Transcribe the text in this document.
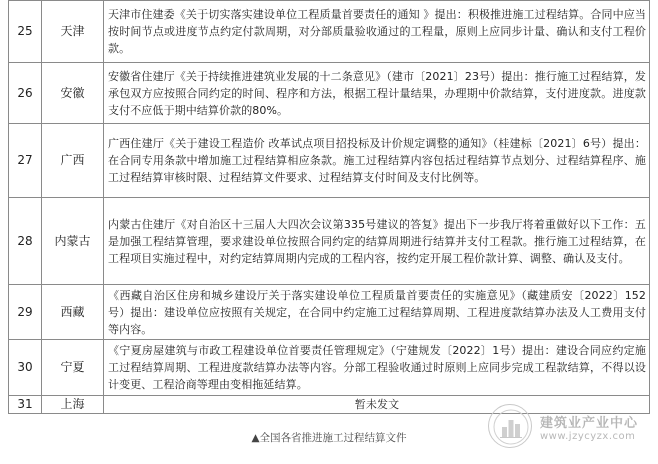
25	天津	天津市住建委《关于切实落实建设单位工程质量首要责任的通知 》提出：积极推进施工过程结算。合同中应当按时间节点或进度节点约定付款周期，对分部质量验收通过的工程量，原则上应同步计量、确认和支付工程价款。
26	安徽	安徽省住建厅《关于持续推进建筑业发展的十二条意见》（建市〔2021〕23号）提出：推行施工过程结算，发承包双方应按照合同约定的时间、程序和方法，根据工程计量结果，办理期中价款结算，支付进度款。进度款支付不应低于期中结算价款的80%。
27	广西	广西住建厅《关于建设工程造价 改革试点项目招投标及计价规定调整的通知》（桂建标〔2021〕6号）提出：在合同专用条款中增加施工过程结算相应条款。施工过程结算内容包括过程结算节点划分、过程结算程序、施工过程结算审核时限、过程结算文件要求、过程结算支付时间及支付比例等。
28	内蒙古	内蒙古住建厅《对自治区十三届人大四次会议第335号建议的答复》提出下一步我厅将着重做好以下工作：五是加强工程结算管理，要求建设单位按照合同约定的结算周期进行结算并支付工程款。推行施工过程结算，在工程项目实施过程中，对约定结算周期内完成的工程内容，按约定开展工程价款计算、调整、确认及支付。
29	西藏	《西藏自治区住房和城乡建设厅关于落实建设单位工程质量首要责任的实施意见》（藏建质安〔2022〕152号）提出：建设单位应按照有关规定，在合同中约定施工过程结算周期、工程进度款结算办法及人工费用支付等内容。
30	宁夏	《宁夏房屋建筑与市政工程建设单位首要责任管理规定》（宁建规发〔2022〕1号）提出：建设合同应约定施工过程结算周期、工程进度款结算办法等内容。分部工程验收通过时原则上应同步完成工程款结算，不得以设计变更、工程洽商等理由变相拖延结算。
31	上海	暂未发文
▲全国各省推进施工过程结算文件
建筑业产业中心
www.jzycyzx.com
